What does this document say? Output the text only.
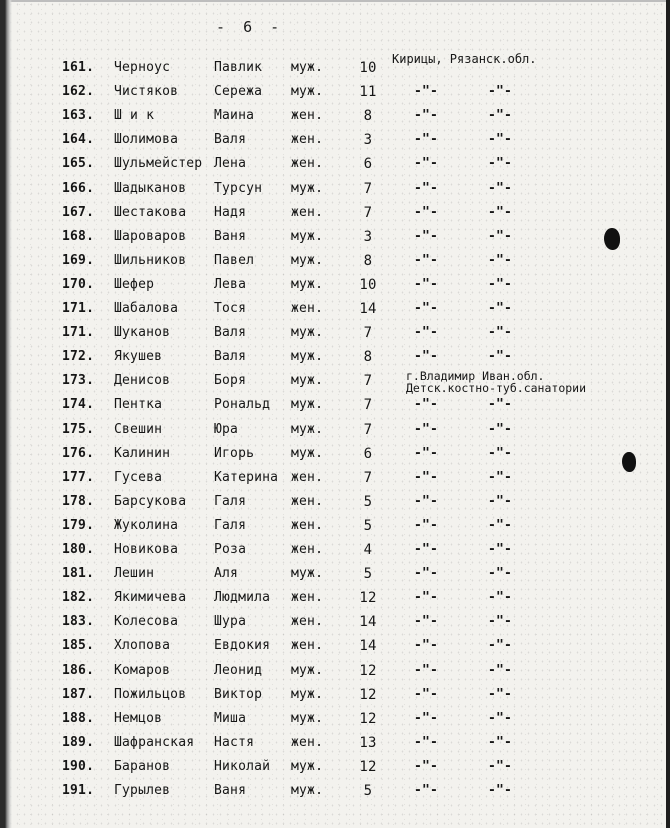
-  6  -
Кирицы, Рязанск.обл.
г.Владимир Иван.обл.
Детск.костно-туб.санатории
161. Черноус	Павлик муж.	10
162. Чистяков	Сережа муж.	11	-"-	-"-
163. Ш и к	Маина	жен.	8	-"-	-"-
164. Шолимова	Валя	жен.	3	-"-	-"-
165. Шульмейстер Лена	жен.	6	-"-	-"-
166. Шадыканов Турсун муж.	7	-"-	-"-
167. Шестакова Надя	жен.	7	-"-	-"-
168. Шароваров Ваня	муж.	3	-"-	-"-
169. Шильников Павел	муж.	8	-"-	-"-
170. Шефер	Лева	муж.	10	-"-	-"-
171. Шабалова	Тося	жен.	14	-"-	-"-
171. Шуканов	Валя	муж.	7	-"-	-"-
172. Якушев	Валя	муж.	8	-"-	-"-
173. Денисов	Боря	муж.	7
174. Пентка	Рональд муж.	7	-"-	-"-
175. Свешин	Юра	муж.	7	-"-	-"-
176. Калинин	Игорь	муж.	6	-"-	-"-
177. Гусева	Катерина жен.	7	-"-	-"-
178. Барсукова Галя	жен.	5	-"-	-"-
179. Жуколина	Галя	жен.	5	-"-	-"-
180. Новикова	Роза	жен.	4	-"-	-"-
181. Лешин	Аля	муж.	5	-"-	-"-
182. Якимичева Людмила жен.	12	-"-	-"-
183. Колесова	Шура	жен.	14	-"-	-"-
185. Хлопова	Евдокия жен.	14	-"-	-"-
186. Комаров	Леонид муж.	12	-"-	-"-
187. Пожильцов Виктор муж.	12	-"-	-"-
188. Немцов	Миша	муж.	12	-"-	-"-
189. Шафранская Настя	жен.	13	-"-	-"-
190. Баранов	Николай муж.	12	-"-	-"-
191. Гурылев	Ваня	муж.	5	-"-	-"-
